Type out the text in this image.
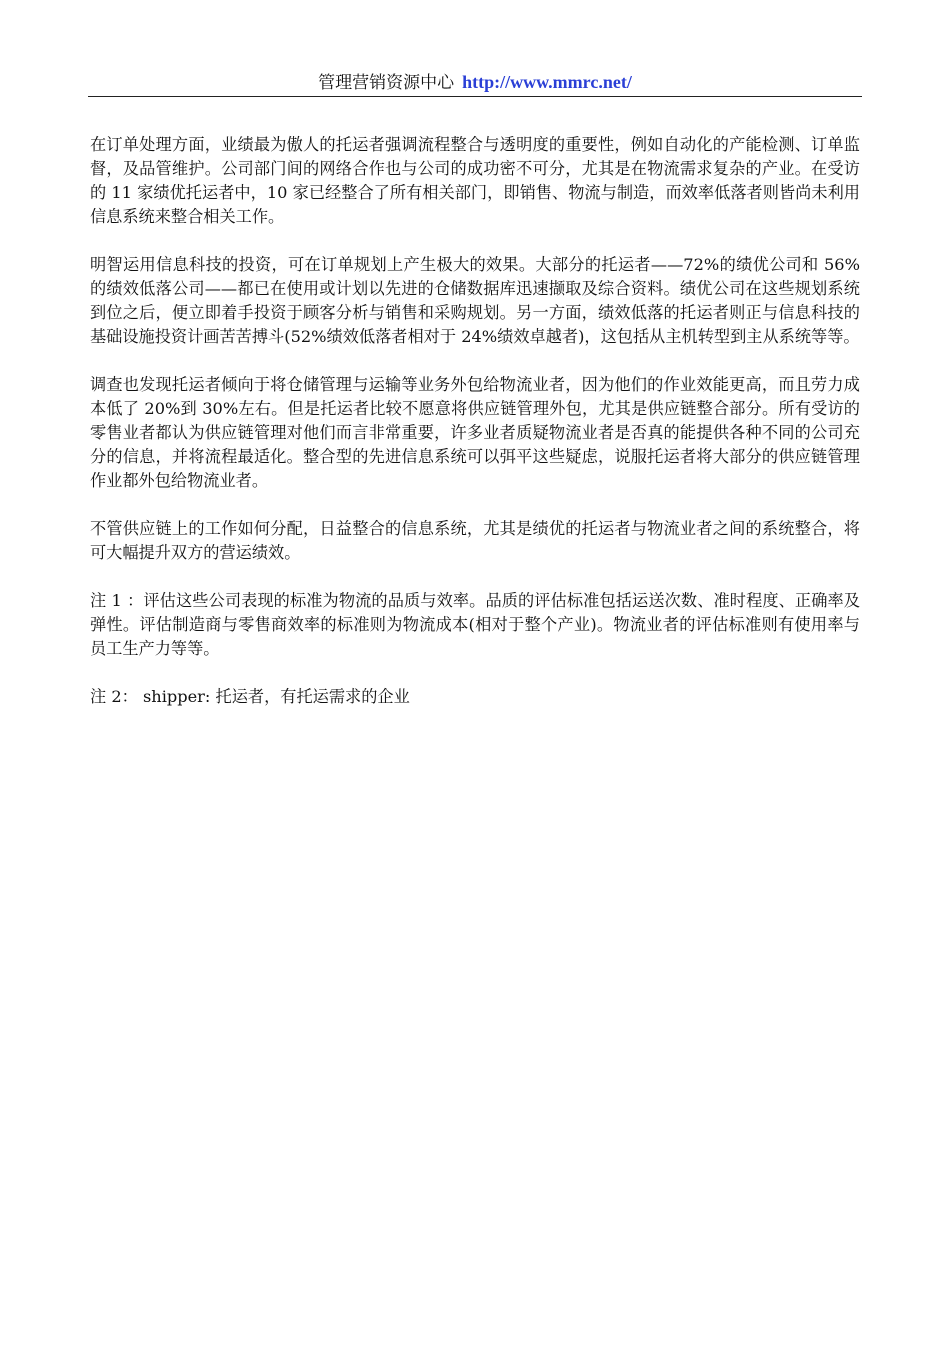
管理营销资源中心 http://www.mmrc.net/

在订单处理方面，业绩最为傲人的托运者强调流程整合与透明度的重要性，例如自动化的产能检测、订单监督，及品管维护。公司部门间的网络合作也与公司的成功密不可分，尤其是在物流需求复杂的产业。在受访的 11 家绩优托运者中，10 家已经整合了所有相关部门，即销售、物流与制造，而效率低落者则皆尚未利用信息系统来整合相关工作。

明智运用信息科技的投资，可在订单规划上产生极大的效果。大部分的托运者——72%的绩优公司和 56%的绩效低落公司——都已在使用或计划以先进的仓储数据库迅速撷取及综合资料。绩优公司在这些规划系统到位之后，便立即着手投资于顾客分析与销售和采购规划。另一方面，绩效低落的托运者则正与信息科技的基础设施投资计画苦苦搏斗(52%绩效低落者相对于 24%绩效卓越者)，这包括从主机转型到主从系统等等。

调查也发现托运者倾向于将仓储管理与运输等业务外包给物流业者，因为他们的作业效能更高，而且劳力成本低了 20%到 30%左右。但是托运者比较不愿意将供应链管理外包，尤其是供应链整合部分。所有受访的零售业者都认为供应链管理对他们而言非常重要，许多业者质疑物流业者是否真的能提供各种不同的公司充分的信息，并将流程最适化。整合型的先进信息系统可以弭平这些疑虑，说服托运者将大部分的供应链管理作业都外包给物流业者。

不管供应链上的工作如何分配，日益整合的信息系统，尤其是绩优的托运者与物流业者之间的系统整合，将可大幅提升双方的营运绩效。

注 1 ：评估这些公司表现的标准为物流的品质与效率。品质的评估标准包括运送次数、准时程度、正确率及弹性。评估制造商与零售商效率的标准则为物流成本(相对于整个产业)。物流业者的评估标准则有使用率与员工生产力等等。

注 2： shipper: 托运者，有托运需求的企业
